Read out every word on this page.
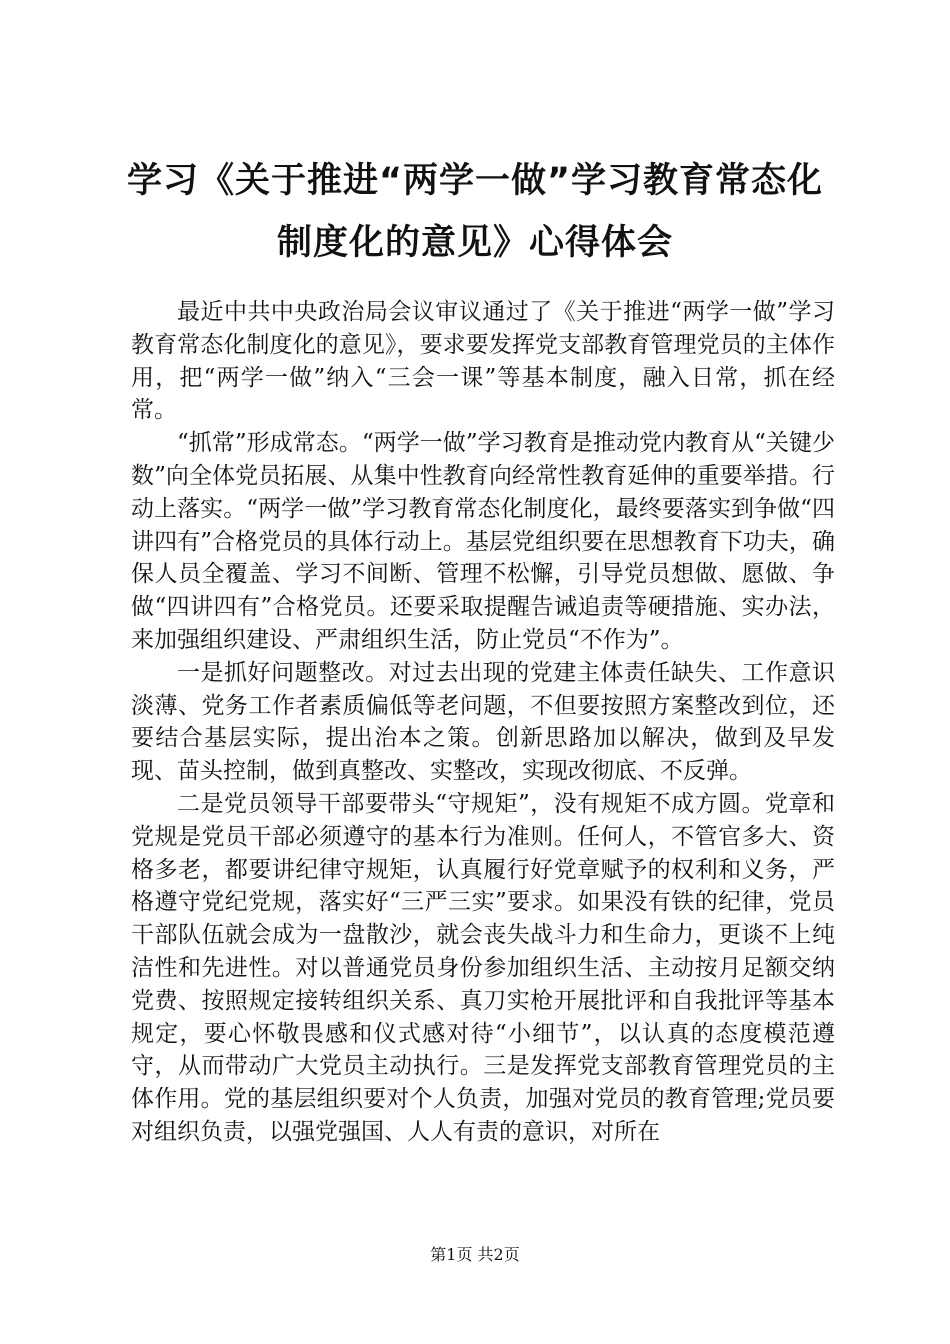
学习《关于推进“两学一做”学习教育常态化
制度化的意见》心得体会

最近中共中央政治局会议审议通过了《关于推进“两学一做”学习教育常态化制度化的意见》，要求要发挥党支部教育管理党员的主体作用，把“两学一做”纳入“三会一课”等基本制度，融入日常，抓在经常。

“抓常”形成常态。“两学一做”学习教育是推动党内教育从“关键少数”向全体党员拓展、从集中性教育向经常性教育延伸的重要举措。行动上落实。“两学一做”学习教育常态化制度化，最终要落实到争做“四讲四有”合格党员的具体行动上。基层党组织要在思想教育下功夫，确保人员全覆盖、学习不间断、管理不松懈，引导党员想做、愿做、争做“四讲四有”合格党员。还要采取提醒告诫追责等硬措施、实办法，来加强组织建设、严肃组织生活，防止党员“不作为”。

一是抓好问题整改。对过去出现的党建主体责任缺失、工作意识淡薄、党务工作者素质偏低等老问题，不但要按照方案整改到位，还要结合基层实际，提出治本之策。创新思路加以解决，做到及早发现、苗头控制，做到真整改、实整改，实现改彻底、不反弹。

二是党员领导干部要带头“守规矩”，没有规矩不成方圆。党章和党规是党员干部必须遵守的基本行为准则。任何人，不管官多大、资格多老，都要讲纪律守规矩，认真履行好党章赋予的权利和义务，严格遵守党纪党规，落实好“三严三实”要求。如果没有铁的纪律，党员干部队伍就会成为一盘散沙，就会丧失战斗力和生命力，更谈不上纯洁性和先进性。对以普通党员身份参加组织生活、主动按月足额交纳党费、按照规定接转组织关系、真刀实枪开展批评和自我批评等基本规定，要心怀敬畏感和仪式感对待“小细节”，以认真的态度模范遵守，从而带动广大党员主动执行。三是发挥党支部教育管理党员的主体作用。党的基层组织要对个人负责，加强对党员的教育管理;党员要对组织负责，以强党强国、人人有责的意识，对所在

第1页 共2页
